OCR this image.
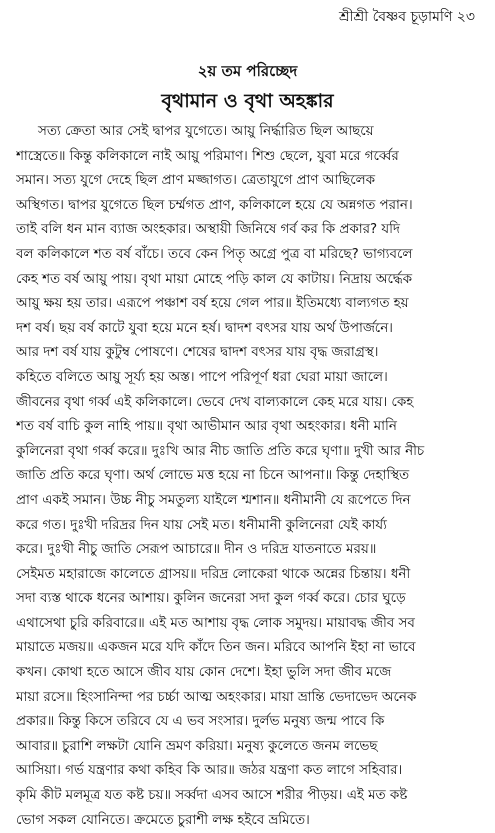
শ্রীশ্রী বৈষ্ণব চূড়ামণি ২৩
২য় তম পরিচ্ছেদ
বৃথামান ও বৃথা অহঙ্কার
সত্য ক্রেতা আর সেই দ্বাপর যুগেতে। আয়ু নির্দ্ধারিত ছিল আছয়ে
শাস্ত্রেতে॥ কিন্তু কলিকালে নাই আয়ু পরিমাণ। শিশু ছেলে, যুবা মরে গর্ব্বের
সমান। সত্য যুগে দেহে ছিল প্রাণ মজ্জাগত। ত্রেতাযুগে প্রাণ আছিলেক
অস্থিগত। দ্বাপর যুগেতে ছিল চর্ম্মগত প্রাণ, কলিকালে হয়ে যে অন্নগত পরান।
তাই বলি ধন মান ব্যাজ অংহকার। অস্থায়ী জিনিষে গর্ব কর কি প্রকার? যদি
বল কলিকালে শত বর্ষ বাঁচে। তবে কেন পিতৃ অগ্রে পুত্র বা মরিছে? ভাগ্যবলে
কেহ শত বর্ষ আয়ু পায়। বৃথা মায়া মোহে পড়ি কাল যে কাটায়। নিদ্রায় অর্দ্ধেক
আয়ু ক্ষয় হয় তার। এরূপে পঞ্চাশ বর্ষ হয়ে গেল পার॥ ইতিমধ্যে বাল্যগত হয়
দশ বর্ষ। ছয় বর্ষ কাটে যুবা হয়ে মনে হর্ষ। দ্বাদশ বৎসর যায় অর্থ উপার্জনে।
আর দশ বর্ষ যায় কুটুম্ব পোষণে। শেষের দ্বাদশ বৎসর যায় বৃদ্ধ জরাগ্রস্থ।
কহিতে বলিতে আয়ু সূর্য্য হয় অস্ত। পাপে পরিপূর্ণ ধরা ঘেরা মায়া জালে।
জীবনের বৃথা গর্ব্ব এই কলিকালে। ভেবে দেখ বাল্যকালে কেহ মরে যায়। কেহ
শত বর্ষ বাচি কুল নাহি পায়॥ বৃথা আভীমান আর বৃথা অহংকার। ধনী মানি
কুলিনেরা বৃথা গর্ব্ব করে॥ দুঃখি আর নীচ জাতি প্রতি করে ঘৃণা॥ দুখী আর নীচ
জাতি প্রতি করে ঘৃণা। অর্থ লোভে মত্ত হয়ে না চিনে আপনা॥ কিন্তু দেহাস্থিত
প্রাণ একই সমান। উচ্চ নীচু সমতুল্য যাইলে শ্মশান॥ ধনীমানী যে রূপেতে দিন
করে গত। দুঃখী দরিদ্রর দিন যায় সেই মত। ধনীমানী কুলিনেরা যেই কার্য্য
করে। দুঃখী নীচু জাতি সেরূপ আচারে॥ দীন ও দরিদ্র যাতনাতে মরয়॥
সেইমত মহারাজে কালেতে গ্রাসয়॥ দরিদ্র লোকেরা থাকে অন্নের চিন্তায়। ধনী
সদা ব্যস্ত থাকে ধনের আশায়। কুলিন জনেরা সদা কুল গর্ব্ব করে। চোর ঘুড়ে
এথাসেথা চুরি করিবারে॥ এই মত আশায় বৃদ্ধ লোক সমুদয়। মায়াবদ্ধ জীব সব
মায়াতে মজয়॥ একজন মরে যদি কাঁদে তিন জন। মরিবে আপনি ইহা না ভাবে
কখন। কোথা হতে আসে জীব যায় কোন দেশে। ইহা ভুলি সদা জীব মজে
মায়া রসে॥ হিংসানিন্দা পর চর্চ্চা আত্ম অহংকার। মায়া ভ্রান্তি ভেদাভেদ অনেক
প্রকার॥ কিন্তু কিসে তরিবে যে এ ভব সংসার। দুর্লভ মনুষ্য জন্ম পাবে কি
আবার॥ চুরাশি লক্ষটা যোনি ভ্রমণ করিয়া। মনুষ্য কুলেতে জনম লভেছ
আসিয়া। গর্ভ যন্ত্রণার কথা কহিব কি আর॥ জঠর যন্ত্রণা কত লাগে সহিবার।
কৃমি কীট মলমূত্র যত কষ্ট চয়॥ সর্ব্বদা এসব আসে শরীর পীড়য়। এই মত কষ্ট
ভোগ সকল যোনিতে। ক্রমেতে চুরাশী লক্ষ হইবে ভ্রমিতে।
